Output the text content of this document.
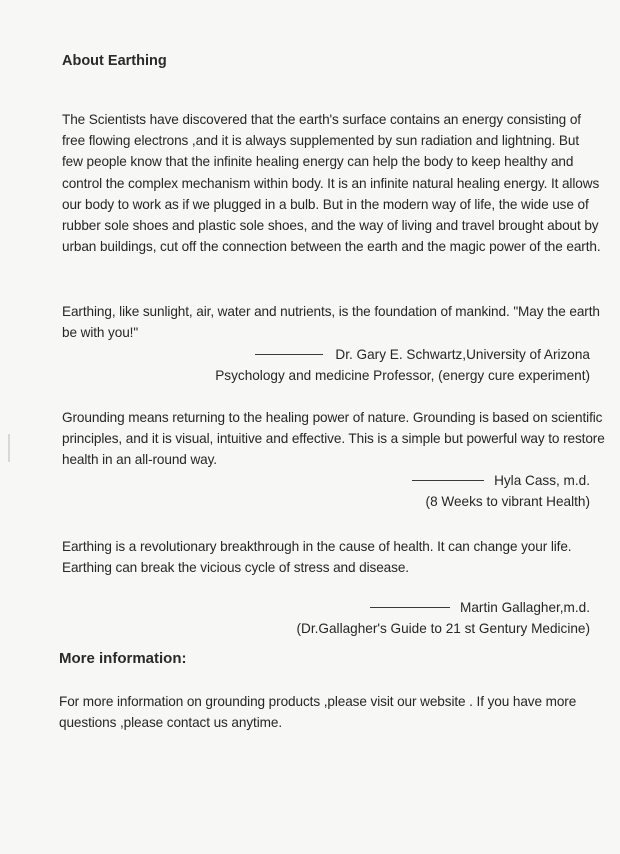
About Earthing

The Scientists have discovered that the earth's surface contains an energy consisting of free flowing electrons ,and it is always supplemented by sun radiation and lightning. But few people know that the infinite healing energy can help the body to keep healthy and control the complex mechanism within body. It is an infinite natural healing energy. It allows our body to work as if we plugged in a bulb. But in the modern way of life, the wide use of rubber sole shoes and plastic sole shoes, and the way of living and travel brought about by urban buildings, cut off the connection between the earth and the magic power of the earth.

Earthing, like sunlight, air, water and nutrients, is the foundation of mankind. "May the earth be with you!"

Dr. Gary E. Schwartz,University of Arizona
Psychology and medicine Professor, (energy cure experiment)

Grounding means returning to the healing power of nature. Grounding is based on scientific principles, and it is visual, intuitive and effective. This is a simple but powerful way to restore health in an all-round way.

Hyla Cass, m.d.
(8 Weeks to vibrant Health)

Earthing is a revolutionary breakthrough in the cause of health. It can change your life. Earthing can break the vicious cycle of stress and disease.

Martin Gallagher,m.d.
(Dr.Gallagher's Guide to 21 st Gentury Medicine)
More information:

For more information on grounding products ,please visit our website . If you have more questions ,please contact us anytime.
